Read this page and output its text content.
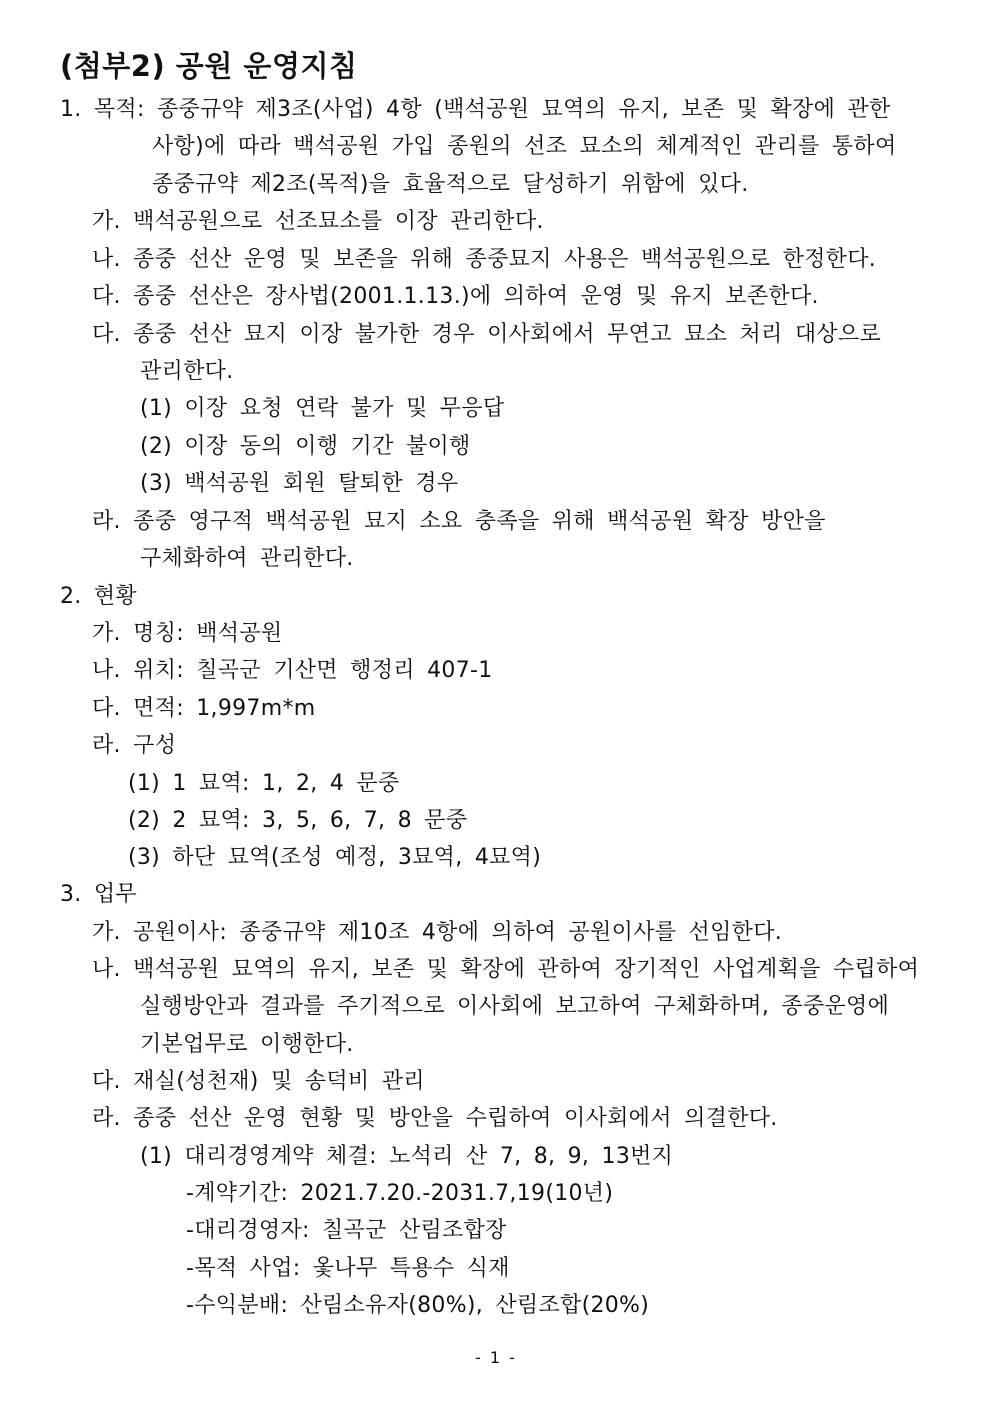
(첨부2) 공원 운영지침
1. 목적: 종중규약 제3조(사업) 4항 (백석공원 묘역의 유지, 보존 및 확장에 관한
사항)에 따라 백석공원 가입 종원의 선조 묘소의 체계적인 관리를 통하여
종중규약 제2조(목적)을 효율적으로 달성하기 위함에 있다.
가. 백석공원으로 선조묘소를 이장 관리한다.
나. 종중 선산 운영 및 보존을 위해 종중묘지 사용은 백석공원으로 한정한다.
다. 종중 선산은 장사법(2001.1.13.)에 의하여 운영 및 유지 보존한다.
다. 종중 선산 묘지 이장 불가한 경우 이사회에서 무연고 묘소 처리 대상으로
관리한다.
(1) 이장 요청 연락 불가 및 무응답
(2) 이장 동의 이행 기간 불이행
(3) 백석공원 회원 탈퇴한 경우
라. 종중 영구적 백석공원 묘지 소요 충족을 위해 백석공원 확장 방안을
구체화하여 관리한다.
2. 현황
가. 명칭: 백석공원
나. 위치: 칠곡군 기산면 행정리 407-1
다. 면적: 1,997m*m
라. 구성
(1) 1 묘역: 1, 2, 4 문중
(2) 2 묘역: 3, 5, 6, 7, 8 문중
(3) 하단 묘역(조성 예정, 3묘역, 4묘역)
3. 업무
가. 공원이사: 종중규약 제10조 4항에 의하여 공원이사를 선임한다.
나. 백석공원 묘역의 유지, 보존 및 확장에 관하여 장기적인 사업계획을 수립하여
실행방안과 결과를 주기적으로 이사회에 보고하여 구체화하며, 종중운영에
기본업무로 이행한다.
다. 재실(성천재) 및 송덕비 관리
라. 종중 선산 운영 현황 및 방안을 수립하여 이사회에서 의결한다.
(1) 대리경영계약 체결: 노석리 산 7, 8, 9, 13번지
-계약기간: 2021.7.20.-2031.7,19(10년)
-대리경영자: 칠곡군 산림조합장
-목적 사업: 옻나무 특용수 식재
-수익분배: 산림소유자(80%), 산림조합(20%)
- 1 -
